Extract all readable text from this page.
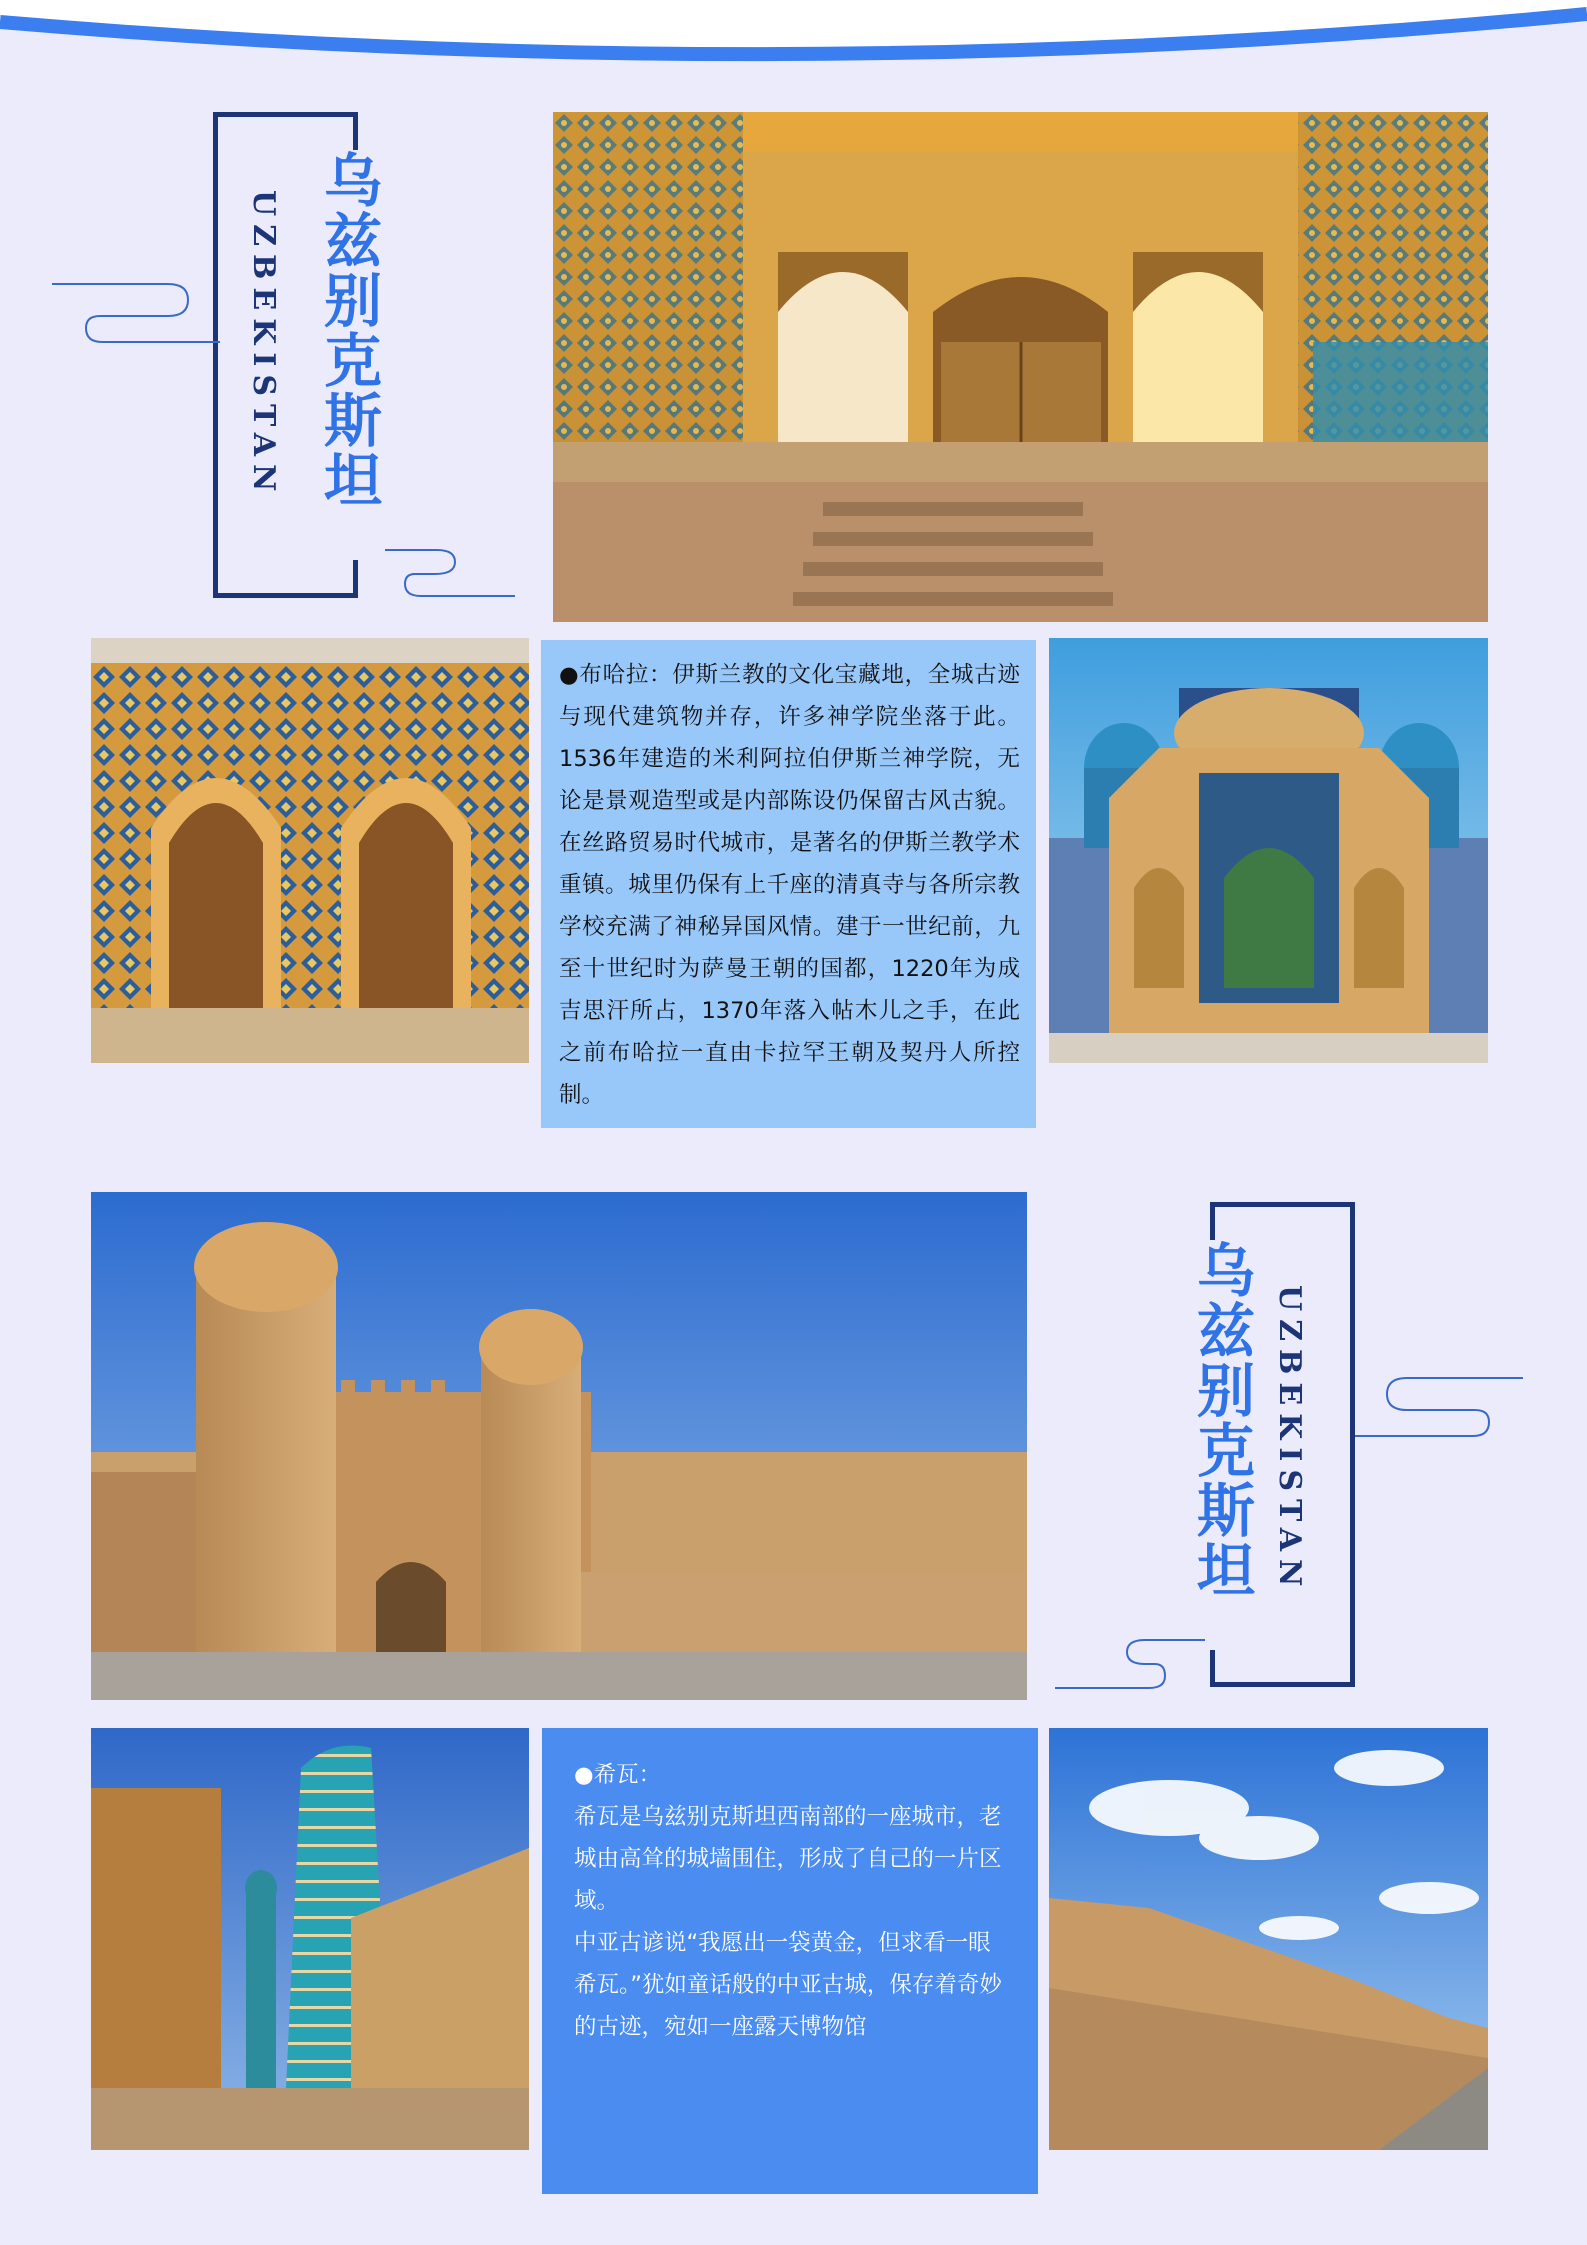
乌兹别克斯坦
UZBEKISTAN

●布哈拉：伊斯兰教的文化宝藏地，全城古迹与现代建筑物并存，许多神学院坐落于此。1536年建造的米利阿拉伯伊斯兰神学院，无论是景观造型或是内部陈设仍保留古风古貌。在丝路贸易时代城市，是著名的伊斯兰教学术重镇。城里仍保有上千座的清真寺与各所宗教学校充满了神秘异国风情。建于一世纪前，九至十世纪时为萨曼王朝的国都，1220年为成吉思汗所占，1370年落入帖木儿之手，在此之前布哈拉一直由卡拉罕王朝及契丹人所控制。

乌兹别克斯坦 UZBEKISTAN

●希瓦：

希瓦是乌兹别克斯坦西南部的一座城市，老城由高耸的城墙围住，形成了自己的一片区域。

中亚古谚说“我愿出一袋黄金，但求看一眼希瓦。”犹如童话般的中亚古城，保存着奇妙的古迹，宛如一座露天博物馆
